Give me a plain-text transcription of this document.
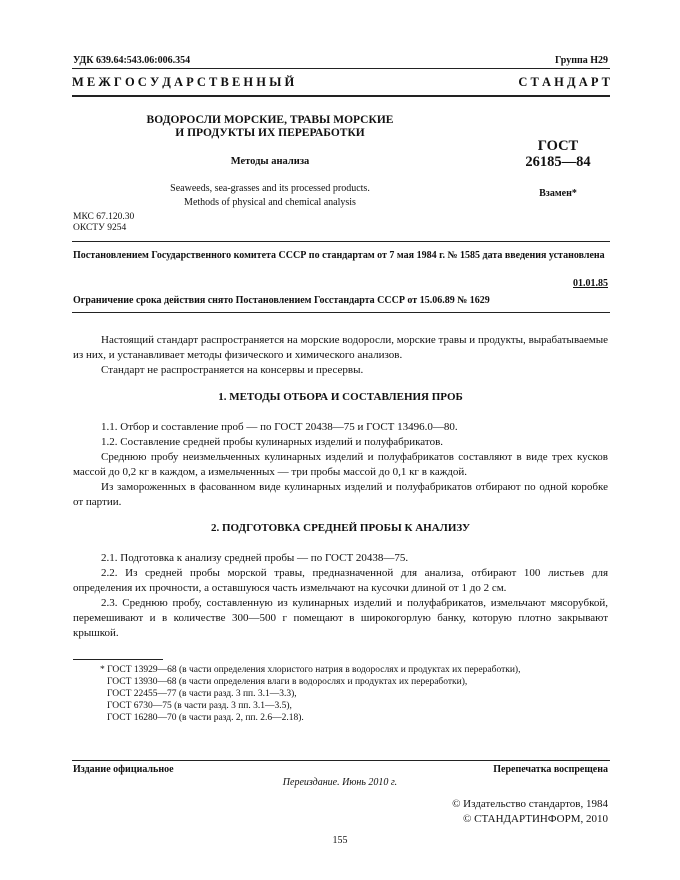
УДК 639.64:543.06:006.354	Группа Н29
М Е Ж Г О С У Д А Р С Т В Е Н Н Ы Й	С Т А Н Д А Р Т
ВОДОРОСЛИ МОРСКИЕ, ТРАВЫ МОРСКИЕ
И ПРОДУКТЫ ИХ ПЕРЕРАБОТКИ
Методы анализа
Seaweeds, sea-grasses and its processed products.
Methods of physical and chemical analysis
ГОСТ
26185—84
Взамен*
МКС 67.120.30
ОКСТУ 9254
Постановлением Государственного комитета СССР по стандартам от 7 мая 1984 г. № 1585 дата введения установлена
01.01.85
Ограничение срока действия снято Постановлением Госстандарта СССР от 15.06.89 № 1629

Настоящий стандарт распространяется на морские водоросли, морские травы и продукты, вырабатываемые из них, и устанавливает методы физического и химического анализов.

Стандарт не распространяется на консервы и пресервы.

1. МЕТОДЫ ОТБОРА И СОСТАВЛЕНИЯ ПРОБ

1.1. Отбор и составление проб — по ГОСТ 20438—75 и ГОСТ 13496.0—80.

1.2. Составление средней пробы кулинарных изделий и полуфабрикатов.

Среднюю пробу неизмельченных кулинарных изделий и полуфабрикатов составляют в виде трех кусков массой до 0,2 кг в каждом, а измельченных — три пробы массой до 0,1 кг в каждой.

Из замороженных в фасованном виде кулинарных изделий и полуфабрикатов отбирают по одной коробке от партии.

2. ПОДГОТОВКА СРЕДНЕЙ ПРОБЫ К АНАЛИЗУ

2.1. Подготовка к анализу средней пробы — по ГОСТ 20438—75.

2.2. Из средней пробы морской травы, предназначенной для анализа, отбирают 100 листьев для определения их прочности, а оставшуюся часть измельчают на кусочки длиной от 1 до 2 см.

2.3. Среднюю пробу, составленную из кулинарных изделий и полуфабрикатов, измельчают мясорубкой, перемешивают и в количестве 300—500 г помещают в широкогорлую банку, которую плотно закрывают крышкой.

* ГОСТ 13929—68 (в части определения хлористого натрия в водорослях и продуктах их переработки),
ГОСТ 13930—68 (в части определения влаги в водорослях и продуктах их переработки),
ГОСТ 22455—77 (в части разд. 3 пп. 3.1—3.3),
ГОСТ 6730—75 (в части разд. 3 пп. 3.1—3.5),
ГОСТ 16280—70 (в части разд. 2, пп. 2.6—2.18).
Издание официальное	Перепечатка воспрещена
Переиздание. Июнь 2010 г.
© Издательство стандартов, 1984
© СТАНДАРТИНФОРМ, 2010
155
